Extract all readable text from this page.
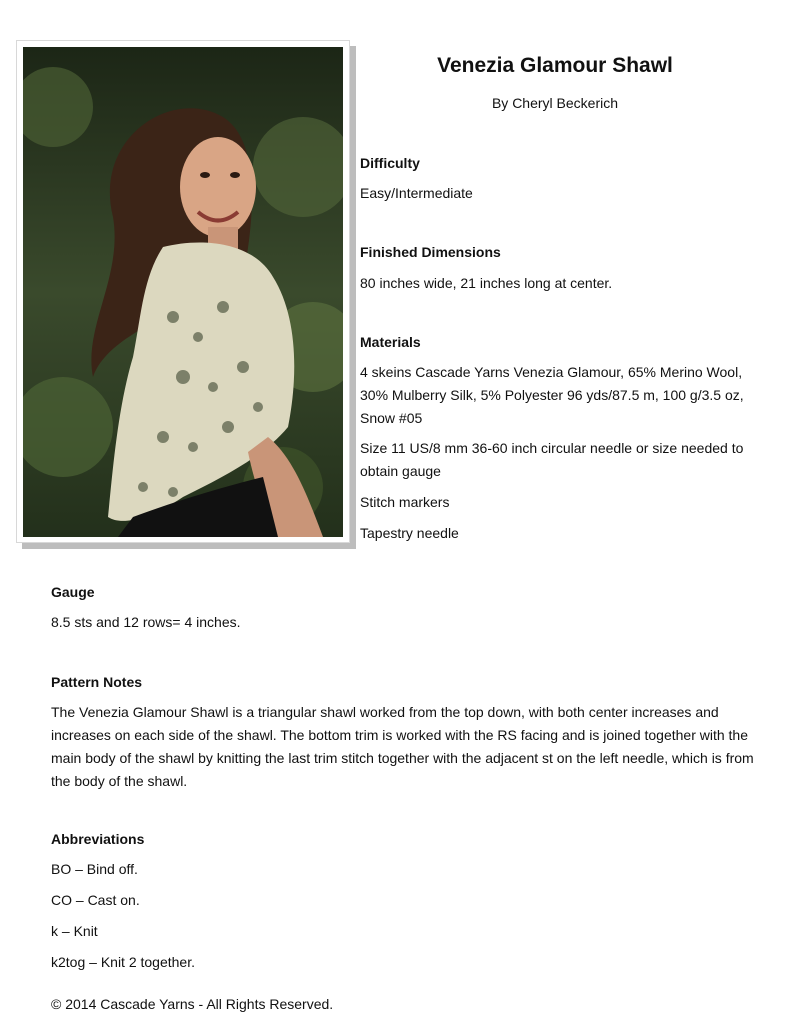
Venezia Glamour Shawl
By Cheryl Beckerich
Difficulty
Easy/Intermediate
Finished Dimensions
80 inches wide, 21 inches long at center.
Materials
4 skeins Cascade Yarns Venezia Glamour, 65% Merino Wool, 30% Mulberry Silk, 5% Polyester 96 yds/87.5 m, 100 g/3.5 oz, Snow #05
Size 11 US/8 mm 36-60 inch circular needle or size needed to obtain gauge
Stitch markers
Tapestry needle
Gauge
8.5 sts and 12 rows= 4 inches.
Pattern Notes
The Venezia Glamour Shawl is a triangular shawl worked from the top down, with both center increases and increases on each side of the shawl. The bottom trim is worked with the RS facing and is joined together with the main body of the shawl by knitting the last trim stitch together with the adjacent st on the left needle, which is from the body of the shawl.
Abbreviations
BO – Bind off.
CO – Cast on.
k – Knit
k2tog – Knit 2 together.
© 2014 Cascade Yarns - All Rights Reserved.
